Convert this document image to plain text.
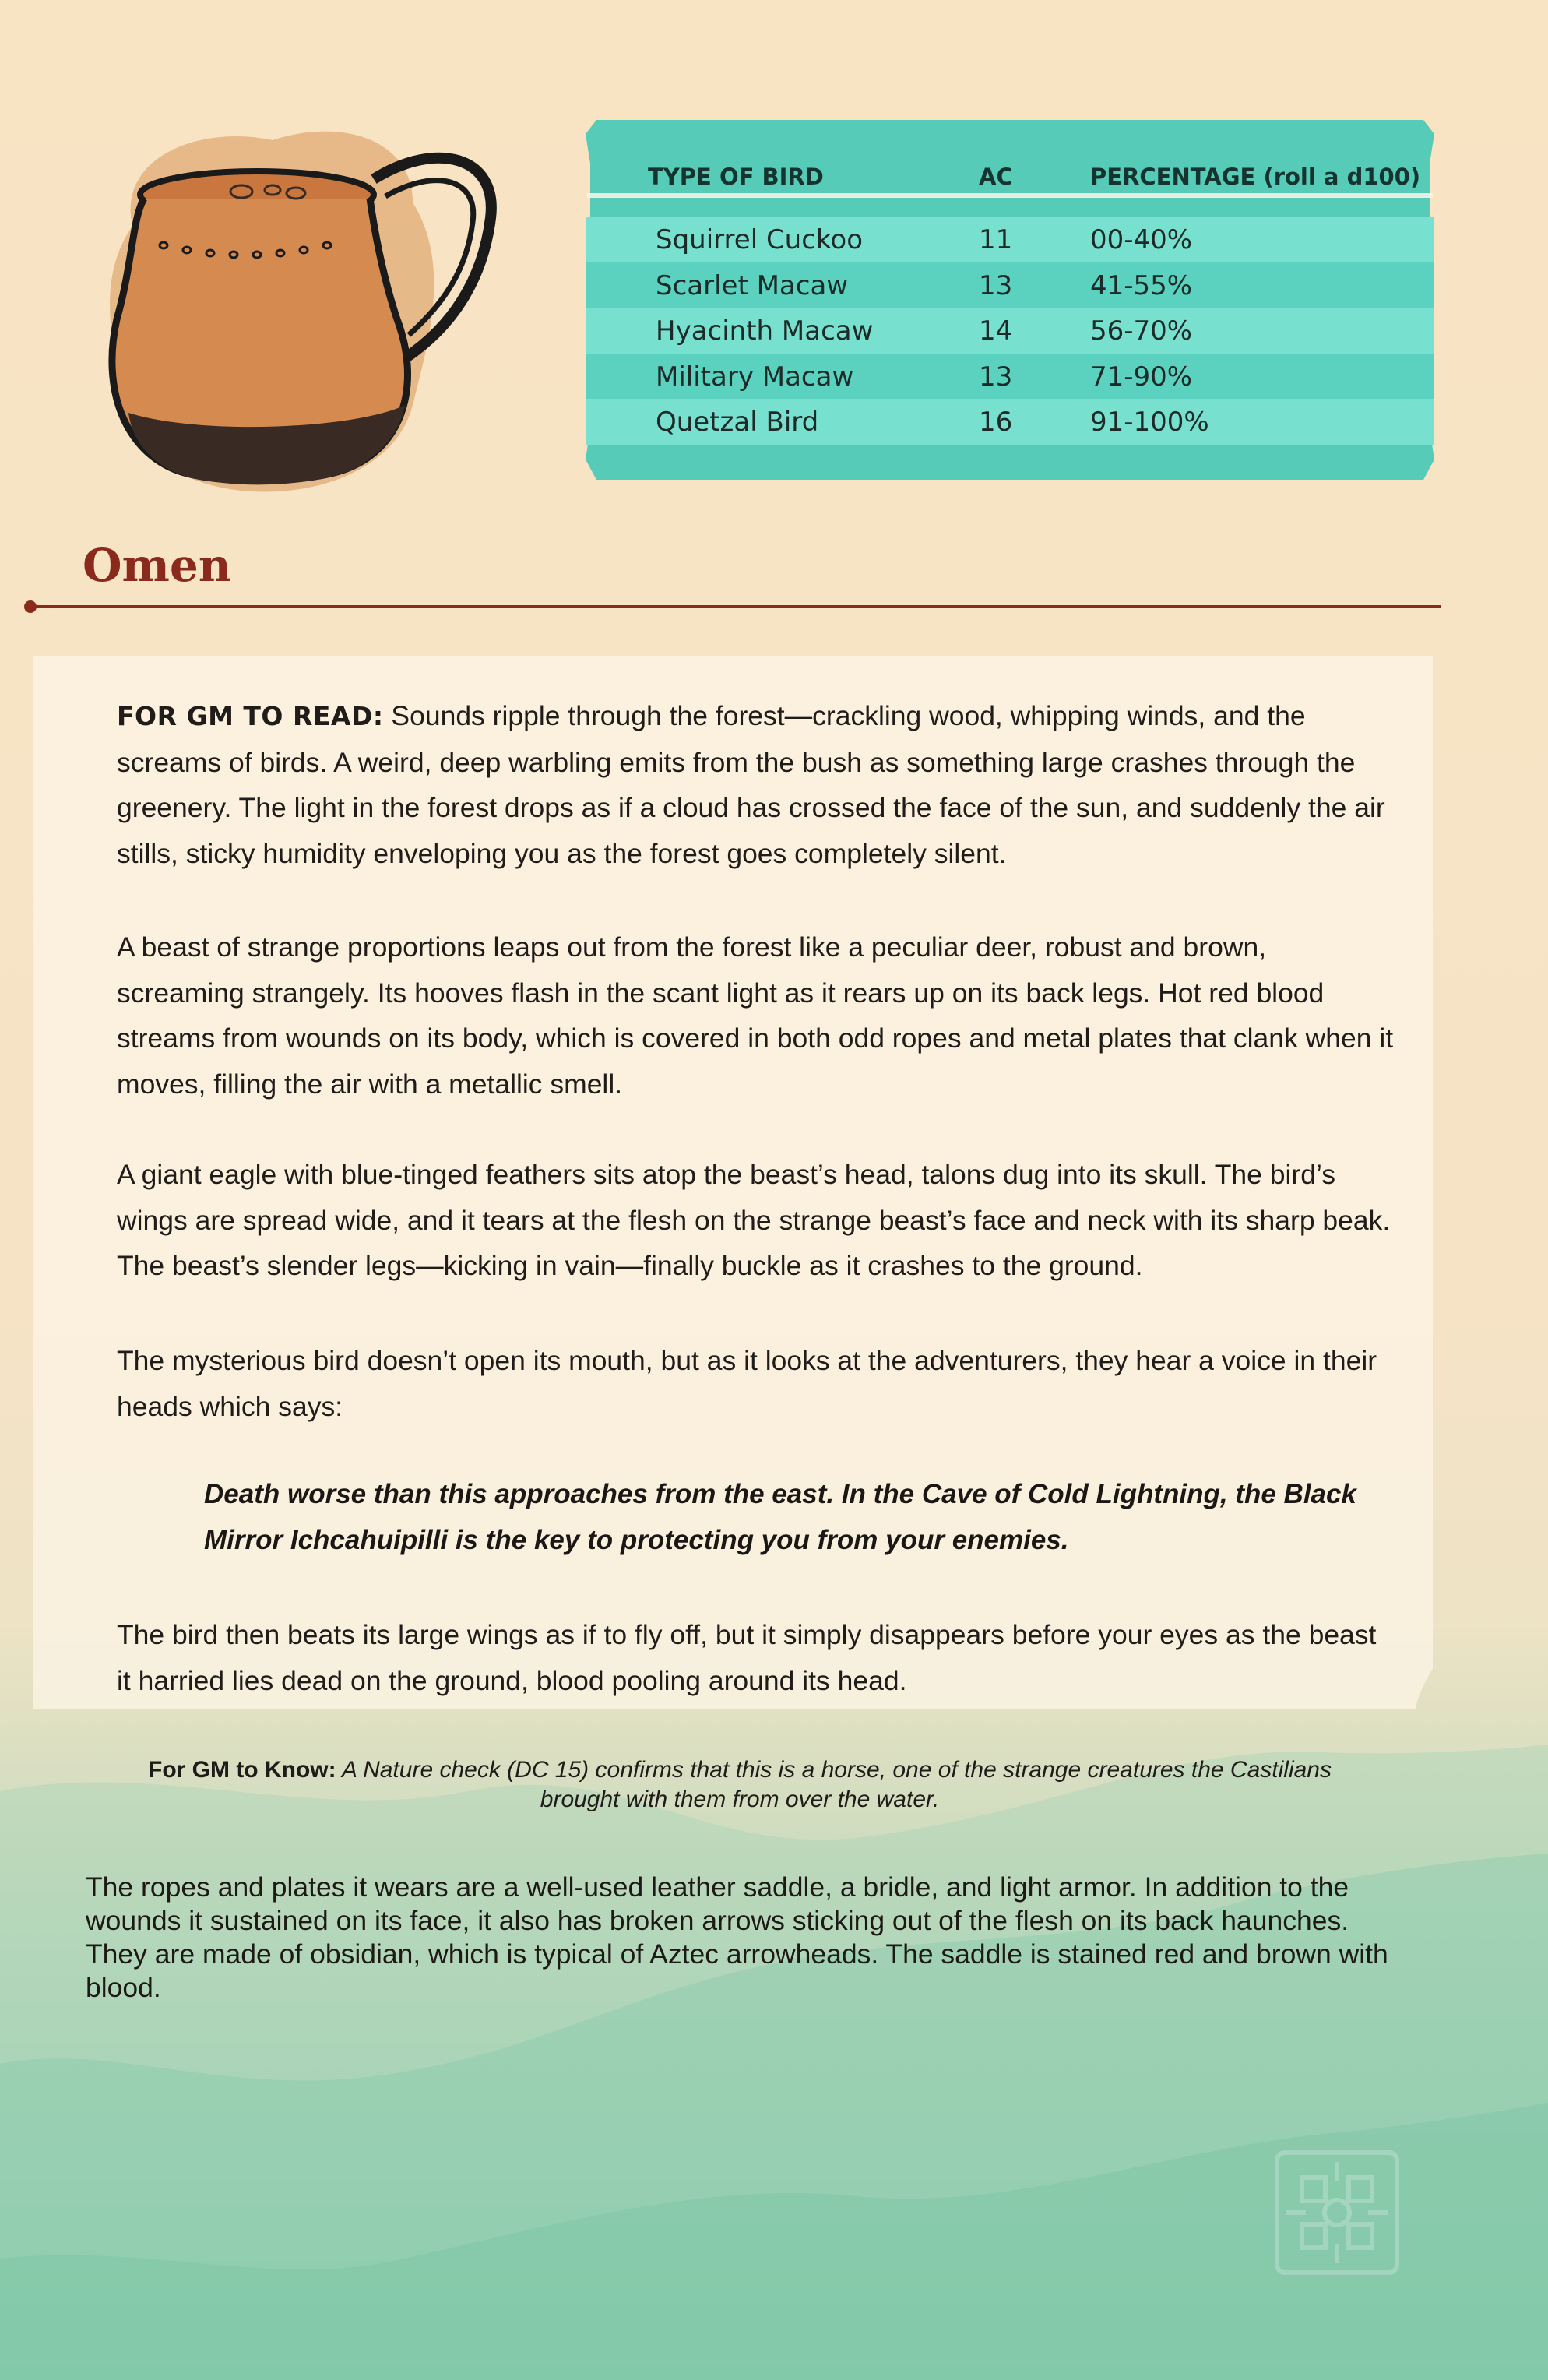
TYPE OF BIRD	AC	PERCENTAGE (roll a d100)
Squirrel Cuckoo	11	00-40%
Scarlet Macaw	13	41-55%
Hyacinth Macaw	14	56-70%
Military Macaw	13	71-90%
Quetzal Bird	16	91-100%
Omen

FOR GM TO READ: Sounds ripple through the forest—crackling wood, whipping winds, and the screams of birds. A weird, deep warbling emits from the bush as something large crashes through the greenery. The light in the forest drops as if a cloud has crossed the face of the sun, and suddenly the air stills, sticky humidity enveloping you as the forest goes completely silent.

A beast of strange proportions leaps out from the forest like a peculiar deer, robust and brown, screaming strangely. Its hooves flash in the scant light as it rears up on its back legs. Hot red blood streams from wounds on its body, which is covered in both odd ropes and metal plates that clank when it moves, filling the air with a metallic smell.

A giant eagle with blue-tinged feathers sits atop the beast’s head, talons dug into its skull. The bird’s wings are spread wide, and it tears at the flesh on the strange beast’s face and neck with its sharp beak. The beast’s slender legs—kicking in vain—finally buckle as it crashes to the ground.

The mysterious bird doesn’t open its mouth, but as it looks at the adventurers, they hear a voice in their heads which says:

Death worse than this approaches from the east. In the Cave of Cold Lightning, the Black Mirror Ichcahuipilli is the key to protecting you from your enemies.

The bird then beats its large wings as if to fly off, but it simply disappears before your eyes as the beast it harried lies dead on the ground, blood pooling around its head.

For GM to Know: A Nature check (DC 15) confirms that this is a horse, one of the strange creatures the Castilians brought with them from over the water.

The ropes and plates it wears are a well-used leather saddle, a bridle, and light armor. In addition to the wounds it sustained on its face, it also has broken arrows sticking out of the flesh on its back haunches. They are made of obsidian, which is typical of Aztec arrowheads. The saddle is stained red and brown with blood.
